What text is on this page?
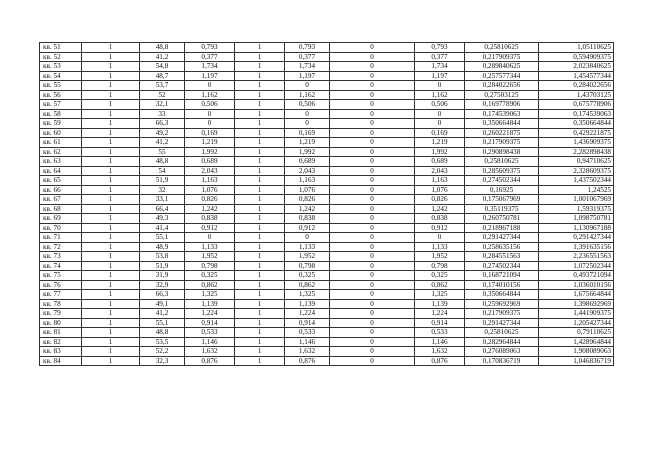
кв. 51	1	48,8	0,793	1	0,793	0	0,793	0,25810625	1,05110625
кв. 52	1	41,2	0,377	1	0,377	0	0,377	0,217909375	0,594909375
кв. 53	1	54,8	1,734	1	1,734	0	1,734	0,289840625	2,023840625
кв. 54	1	48,7	1,197	1	1,197	0	1,197	0,257577344	1,454577344
кв. 55	1	53,7	0	1	0	0	0	0,284022656	0,284022656
кв. 56	1	52	1,162	1	1,162	0	1,162	0,27503125	1,43703125
кв. 57	1	32,1	0,506	1	0,506	0	0,506	0,169778906	0,675778906
кв. 58	1	33	0	1	0	0	0	0,174539063	0,174539063
кв. 59	1	66,3	0	1	0	0	0	0,350664844	0,350664844
кв. 60	1	49,2	0,169	1	0,169	0	0,169	0,260221875	0,429221875
кв. 61	1	41,2	1,219	1	1,219	0	1,219	0,217909375	1,436909375
кв. 62	1	55	1,992	1	1,992	0	1,992	0,290898438	2,282898438
кв. 63	1	48,8	0,689	1	0,689	0	0,689	0,25810625	0,94710625
кв. 64	1	54	2,043	1	2,043	0	2,043	0,285609375	2,328609375
кв. 65	1	51,9	1,163	1	1,163	0	1,163	0,274502344	1,437502344
кв. 66	1	32	1,076	1	1,076	0	1,076	0,16925	1,24525
кв. 67	1	33,1	0,826	1	0,826	0	0,826	0,175067969	1,001067969
кв. 68	1	66,4	1,242	1	1,242	0	1,242	0,35119375	1,59319375
кв. 69	1	49,3	0,838	1	0,838	0	0,838	0,260750781	1,098750781
кв. 70	1	41,4	0,912	1	0,912	0	0,912	0,218967188	1,130967188
кв. 71	1	55,1	0	1	0	0	0	0,291427344	0,291427344
кв. 72	1	48,9	1,133	1	1,133	0	1,133	0,258635156	1,391635156
кв. 73	1	53,8	1,952	1	1,952	0	1,952	0,284551563	2,236551563
кв. 74	1	51,9	0,798	1	0,798	0	0,798	0,274502344	1,072502344
кв. 75	1	31,9	0,325	1	0,325	0	0,325	0,168721094	0,493721094
кв. 76	1	32,9	0,862	1	0,862	0	0,862	0,174010156	1,036010156
кв. 77	1	66,3	1,325	1	1,325	0	1,325	0,350664844	1,675664844
кв. 78	1	49,1	1,139	1	1,139	0	1,139	0,259692969	1,398692969
кв. 79	1	41,2	1,224	1	1,224	0	1,224	0,217909375	1,441909375
кв. 80	1	55,1	0,914	1	0,914	0	0,914	0,291427344	1,205427344
кв. 81	1	48,8	0,533	1	0,533	0	0,533	0,25810625	0,79110625
кв. 82	1	53,5	1,146	1	1,146	0	1,146	0,282964844	1,428964844
кв. 83	1	52,2	1,632	1	1,632	0	1,632	0,276089063	1,908089063
кв. 84	1	32,3	0,876	1	0,876	0	0,876	0,170836719	1,046836719
